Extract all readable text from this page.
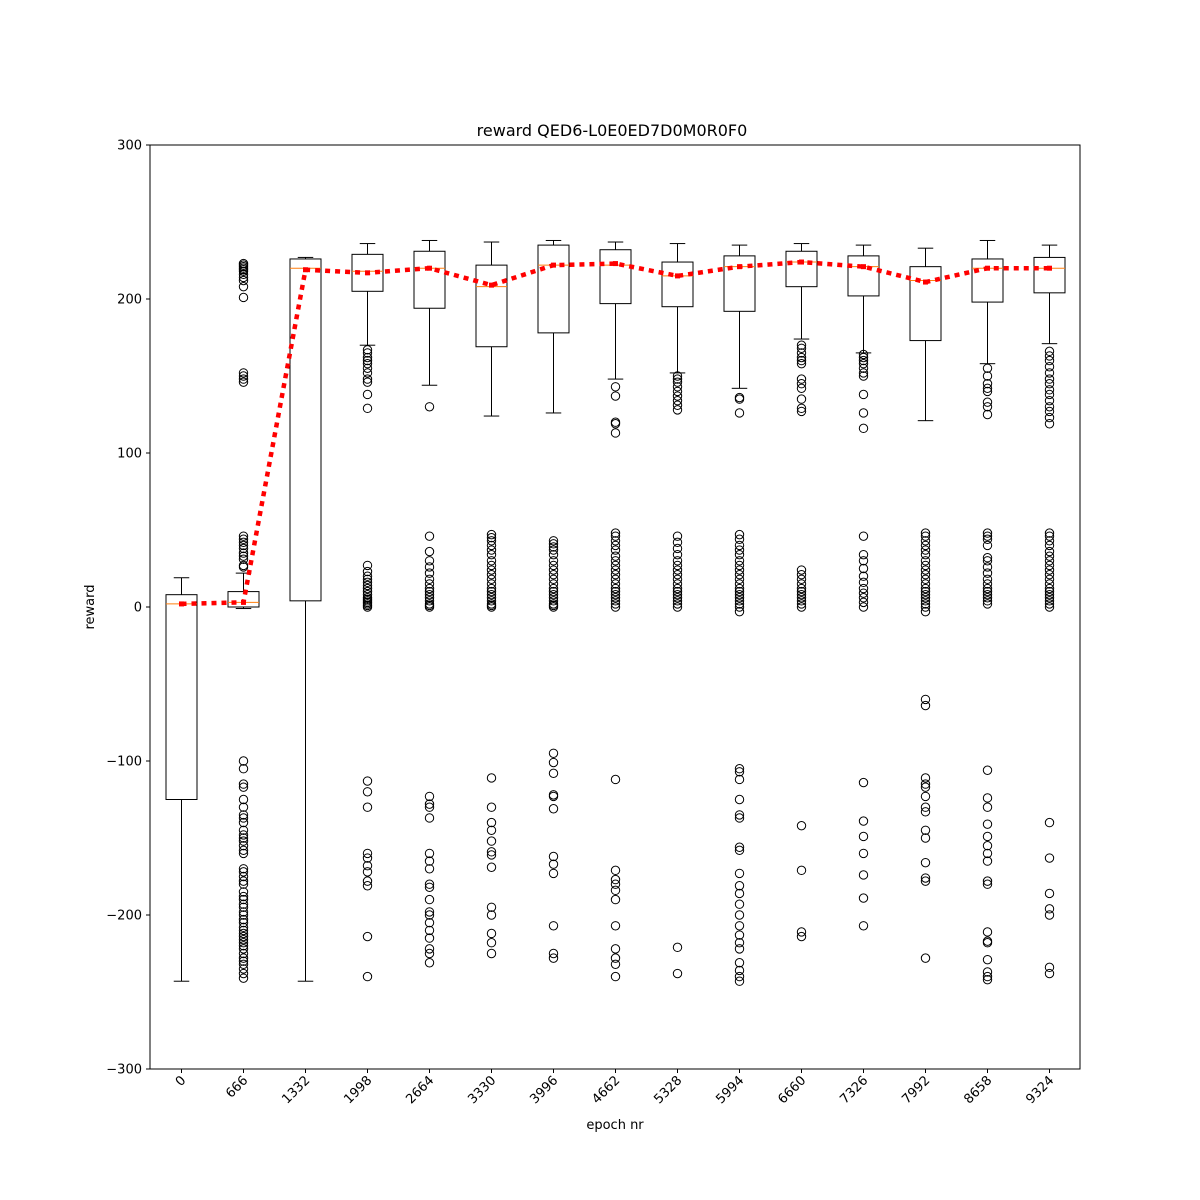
reward QED6-L0E0ED7D0M0R0F0
−300
−200
−100
0
100
200
300
0	666 1332 1998 2664 3330 3996 4662 5328 5994 6660 7326 7992 8658 9324
epoch nr
reward
